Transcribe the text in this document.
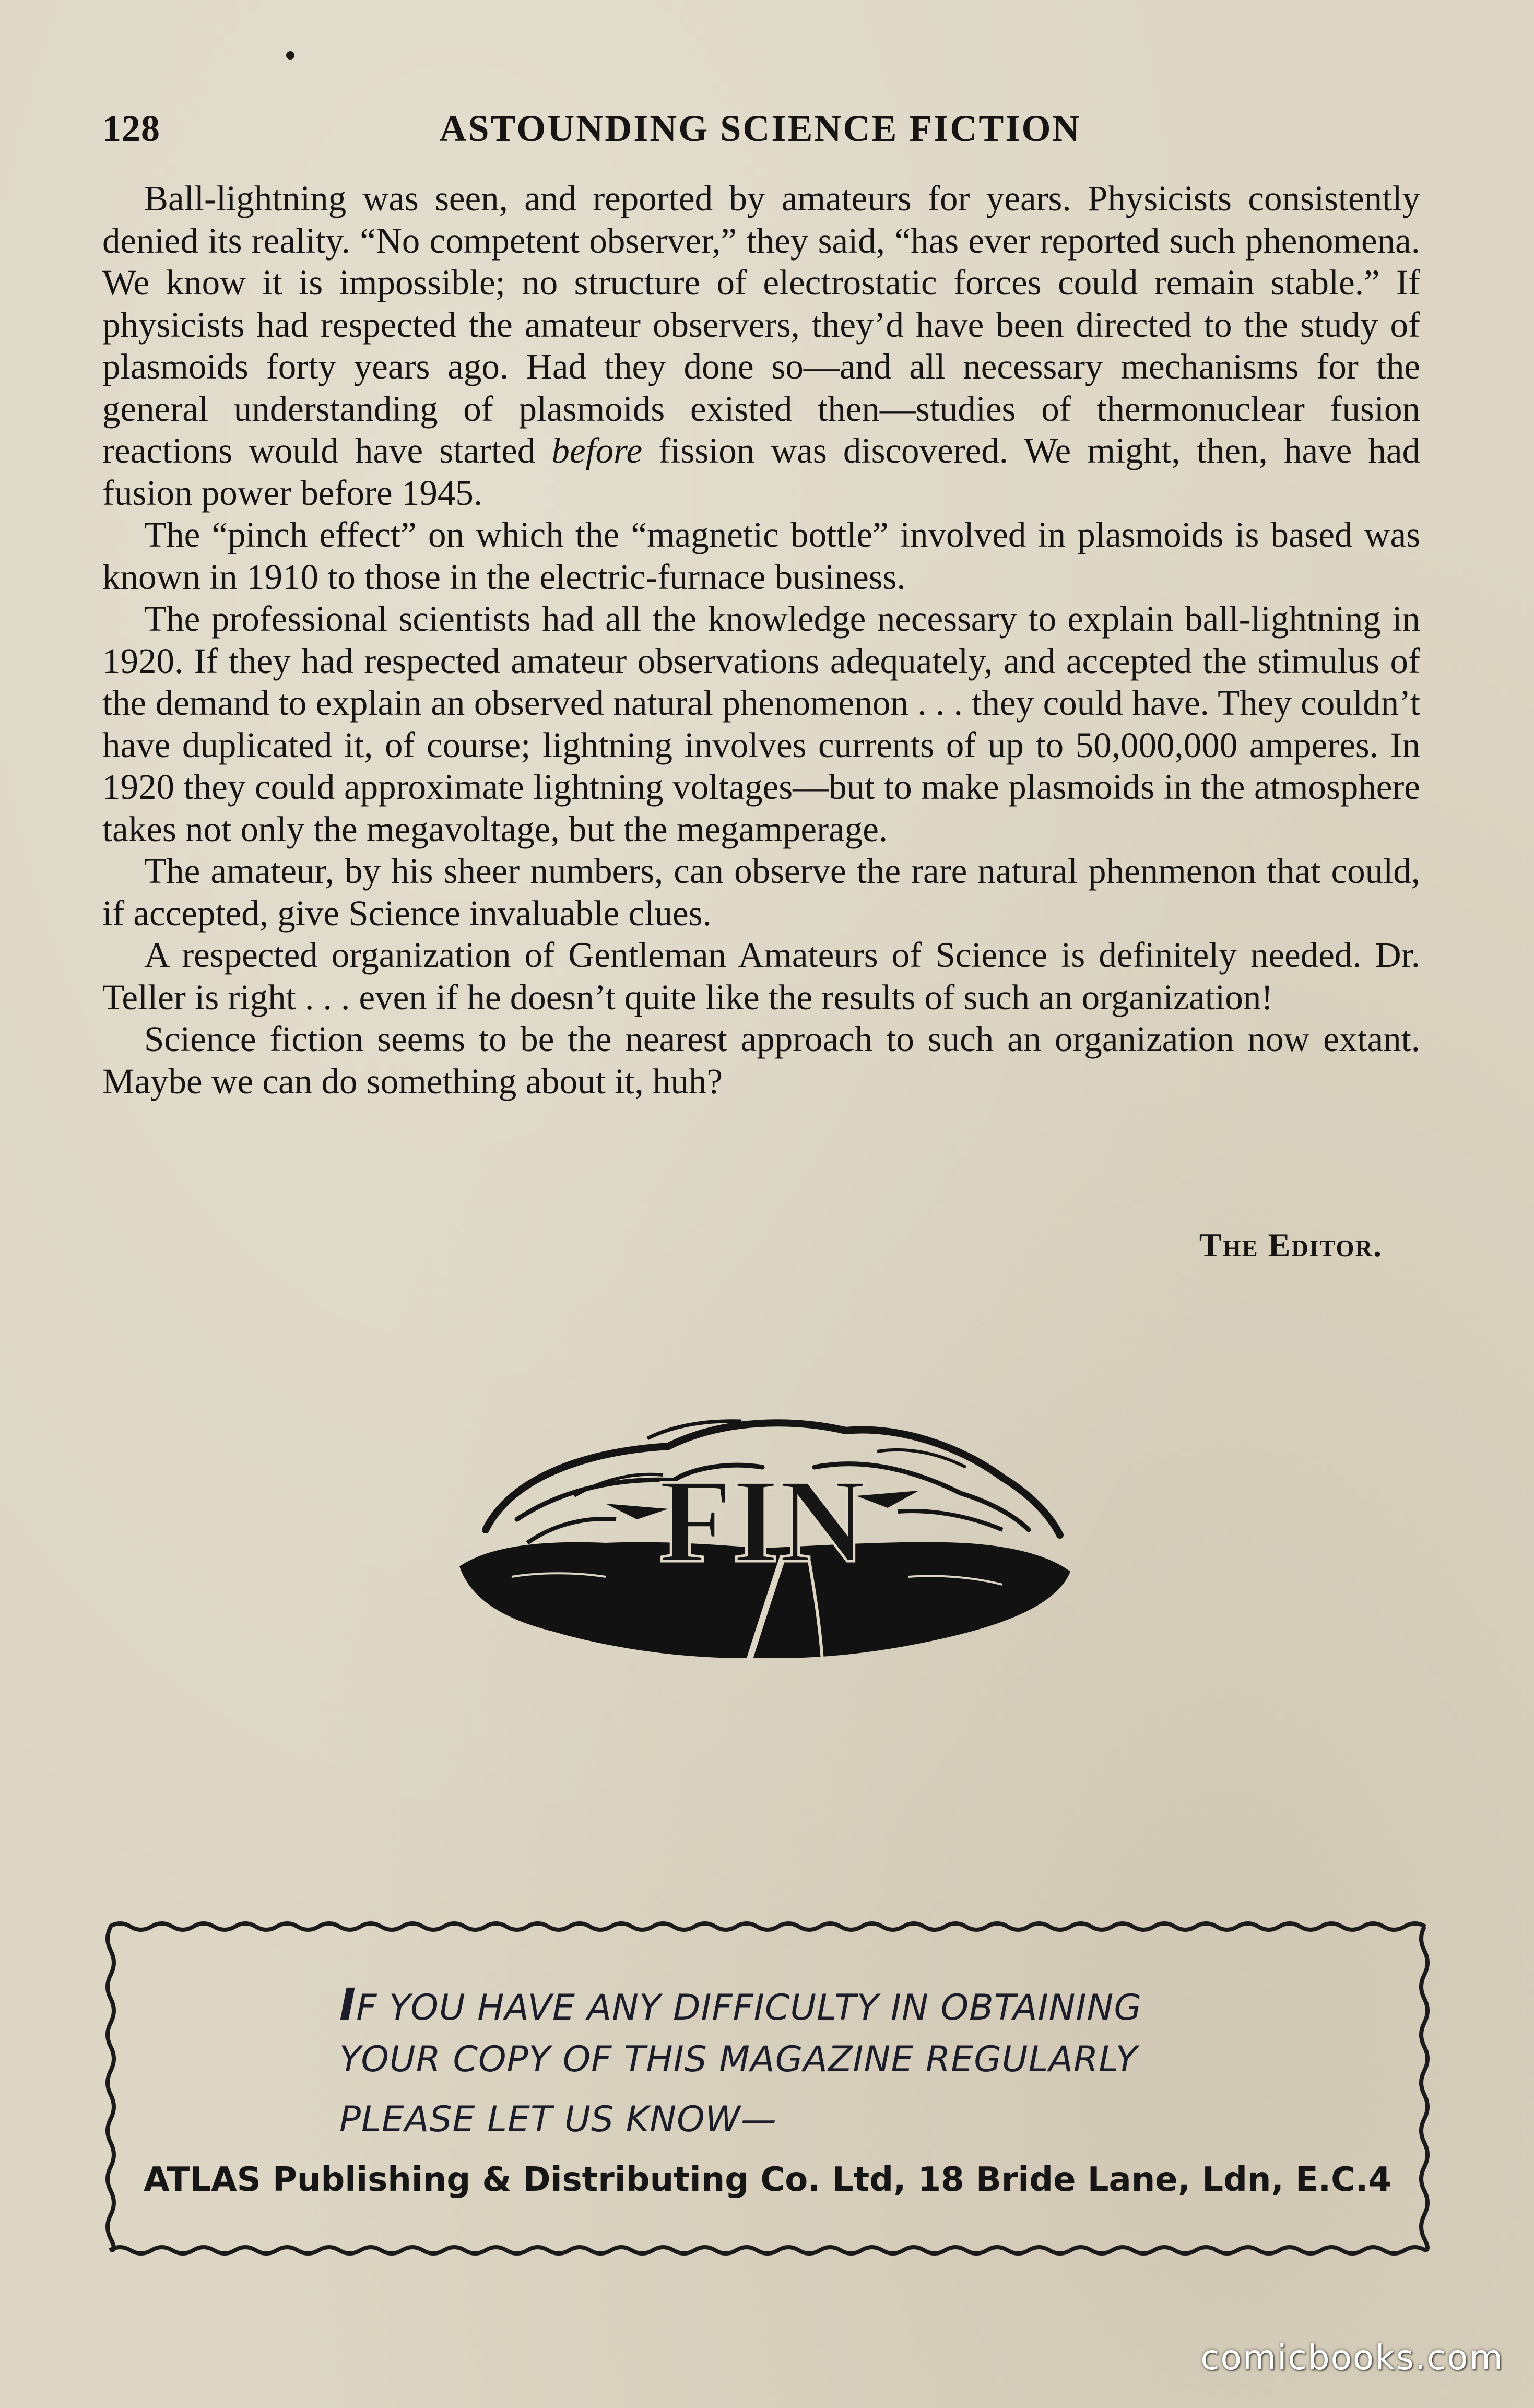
128	ASTOUNDING SCIENCE FICTION

Ball-lightning was seen, and reported by amateurs for years. Physicists consistently denied its reality. “No competent observer,” they said, “has ever reported such phenomena. We know it is impossible; no structure of electrostatic forces could remain stable.” If physicists had respected the amateur observers, they’d have been directed to the study of plasmoids forty years ago. Had they done so—and all necessary mechanisms for the general understanding of plasmoids existed then—studies of thermonuclear fusion reactions would have started before fission was discovered. We might, then, have had fusion power before 1945.

The “pinch effect” on which the “magnetic bottle” involved in plasmoids is based was known in 1910 to those in the electric-furnace business.

The professional scientists had all the knowledge necessary to explain ball-lightning in 1920. If they had respected amateur observations adequately, and accepted the stimulus of the demand to explain an observed natural phenomenon . . . they could have. They couldn’t have duplicated it, of course; lightning involves currents of up to 50,000,000 amperes. In 1920 they could approximate lightning voltages—but to make plasmoids in the atmosphere takes not only the megavoltage, but the megamperage.

The amateur, by his sheer numbers, can observe the rare natural phenmenon that could, if accepted, give Science invaluable clues.

A respected organization of Gentleman Amateurs of Science is definitely needed. Dr. Teller is right . . . even if he doesn’t quite like the results of such an organization!

Science fiction seems to be the nearest approach to such an organization now extant. Maybe we can do something about it, huh?

The Editor.
FIN
IF YOU HAVE ANY DIFFICULTY IN OBTAINING
YOUR COPY OF THIS MAGAZINE REGULARLY
PLEASE LET US KNOW—
ATLAS Publishing & Distributing Co. Ltd, 18 Bride Lane, Ldn, E.C.4
comicbooks.com
